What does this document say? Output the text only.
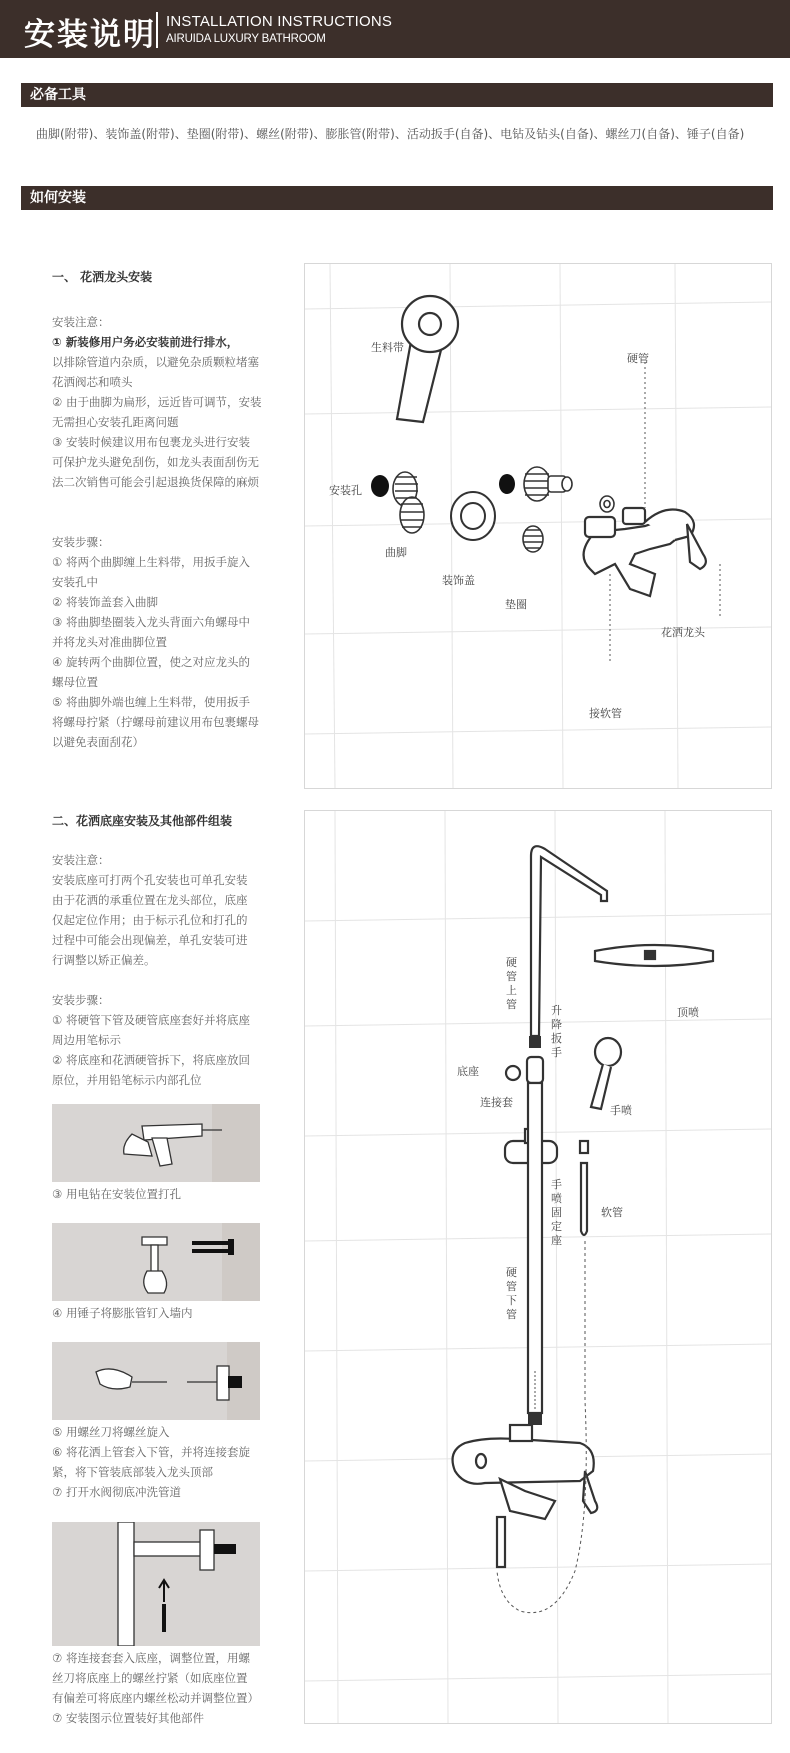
安装说明 INSTALLATION INSTRUCTIONS
AIRUIDA LUXURY BATHROOM
必备工具
曲脚(附带)、装饰盖(附带)、垫圈(附带)、螺丝(附带)、膨胀管(附带)、活动扳手(自备)、电钻及钻头(自备)、螺丝刀(自备)、锤子(自备)
如何安装
一、 花洒龙头安装

安装注意：

① 新装修用户务必安装前进行排水，

以排除管道内杂质，以避免杂质颗粒堵塞

花洒阀芯和喷头

② 由于曲脚为扁形，远近皆可调节，安装

无需担心安装孔距离问题

③ 安装时候建议用布包裹龙头进行安装

可保护龙头避免刮伤，如龙头表面刮伤无

法二次销售可能会引起退换货保障的麻烦

安装步骤：

① 将两个曲脚缠上生料带，用扳手旋入

安装孔中

② 将装饰盖套入曲脚

③ 将曲脚垫圈装入龙头背面六角螺母中

并将龙头对准曲脚位置

④ 旋转两个曲脚位置，使之对应龙头的

螺母位置

⑤ 将曲脚外端也缠上生料带，使用扳手

将螺母拧紧（拧螺母前建议用布包裹螺母

以避免表面刮花）

生料带
硬管
安装孔
曲脚
装饰盖
垫圈
花洒龙头
接软管
二、花洒底座安装及其他部件组装

安装注意：

安装底座可打两个孔安装也可单孔安装

由于花洒的承重位置在龙头部位，底座

仅起定位作用；由于标示孔位和打孔的

过程中可能会出现偏差，单孔安装可进

行调整以矫正偏差。

安装步骤：

① 将硬管下管及硬管底座套好并将底座

周边用笔标示

② 将底座和花洒硬管拆下，将底座放回

原位，并用铅笔标示内部孔位

③ 用电钻在安装位置打孔
④ 用锤子将膨胀管钉入墙内
⑤ 用螺丝刀将螺丝旋入
⑥ 将花洒上管套入下管，并将连接套旋
紧，将下管装底部装入龙头顶部
⑦ 打开水阀彻底冲洗管道
⑦ 将连接套套入底座，调整位置，用螺
丝刀将底座上的螺丝拧紧（如底座位置
有偏差可将底座内螺丝松动并调整位置）
⑦ 安装图示位置装好其他部件
硬 管 上 管	升 降 扳 手
顶喷
底座
连接套
手喷
手 喷 固 定 座
软管
硬 管 下 管
